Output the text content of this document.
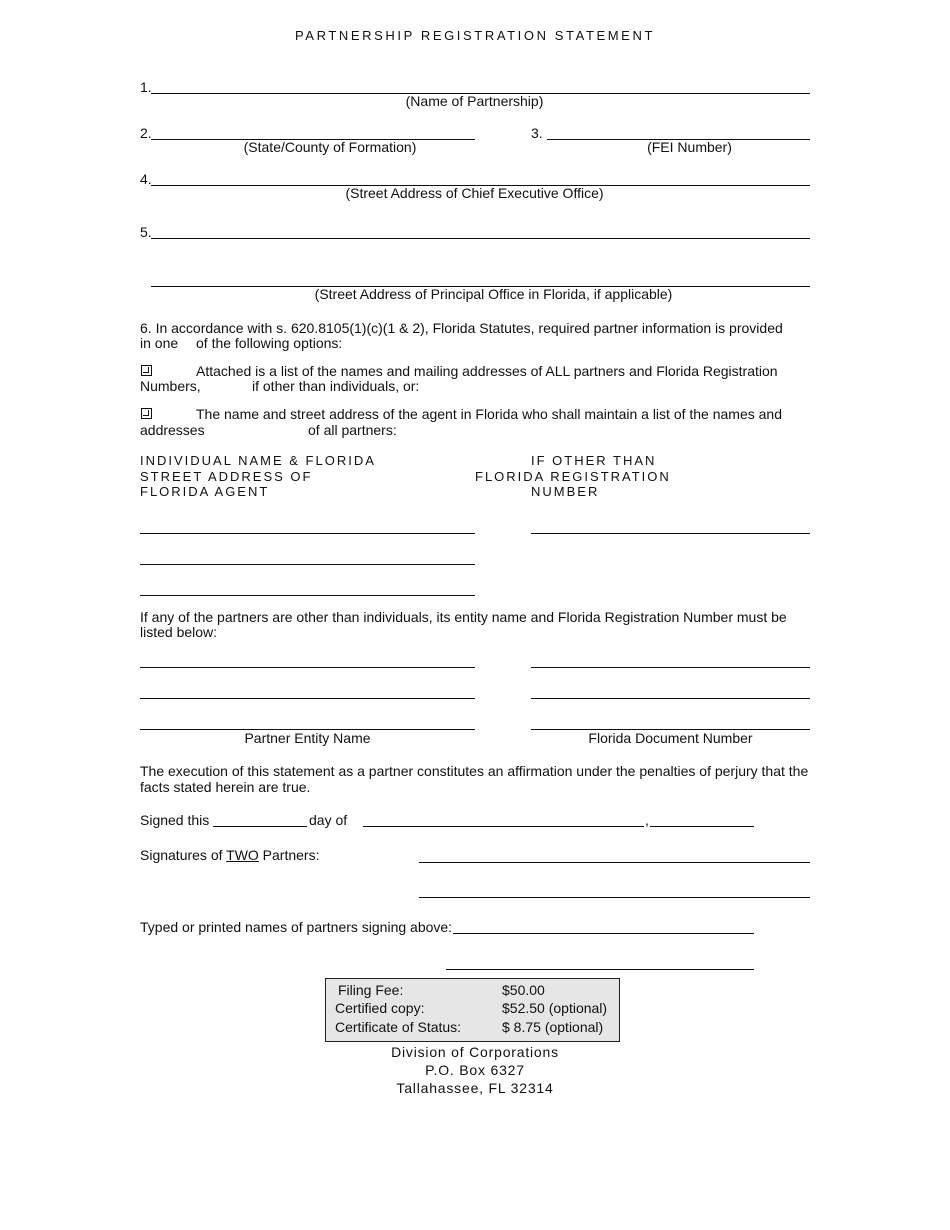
PARTNERSHIP REGISTRATION STATEMENT
1.
(Name of Partnership)
2.
(State/County of Formation)
3.
(FEI Number)
4.
(Street Address of Chief Executive Office)
5.
(Street Address of Principal Office in Florida, if applicable)
6. In accordance with s. 620.8105(1)(c)(1 & 2), Florida Statutes, required partner information is provided
in one of the following options:
Attached is a list of the names and mailing addresses of ALL partners and Florida Registration
Numbers,	if other than individuals, or:
The name and street address of the agent in Florida who shall maintain a list of the names and
addresses	of all partners:
INDIVIDUAL NAME & FLORIDA
STREET ADDRESS OF
FLORIDA AGENT
IF OTHER THAN
FLORIDA REGISTRATION
NUMBER
If any of the partners are other than individuals, its entity name and Florida Registration Number must be
listed below:
Partner Entity Name	Florida Document Number
The execution of this statement as a partner constitutes an affirmation under the penalties of perjury that the
facts stated herein are true.
Signed this	day of	,
Signatures of TWO Partners:
Typed or printed names of partners signing above:
Filing Fee:	$50.00
Certified copy:	$52.50 (optional)
Certificate of Status:	$ 8.75 (optional)
Division of Corporations
P.O. Box 6327
Tallahassee, FL 32314
